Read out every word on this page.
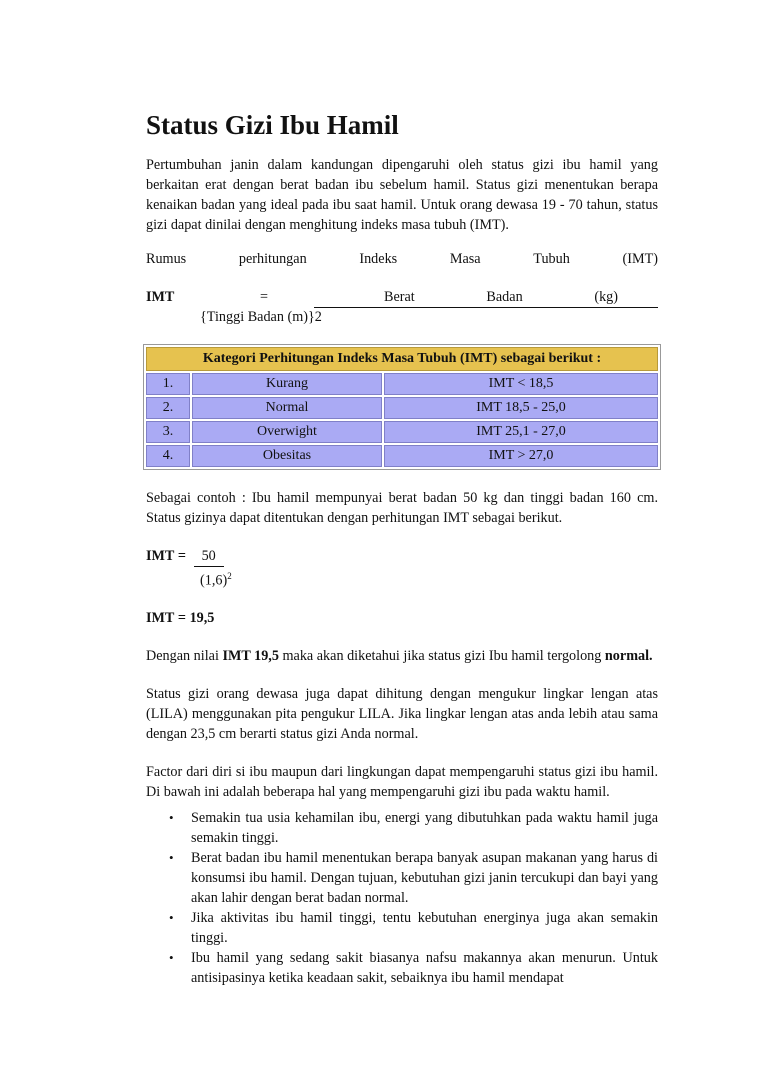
Status Gizi Ibu Hamil

Pertumbuhan janin dalam kandungan dipengaruhi oleh status gizi ibu hamil yang berkaitan erat dengan berat badan ibu sebelum hamil. Status gizi menentukan berapa kenaikan badan yang ideal pada ibu saat hamil. Untuk orang dewasa 19 - 70 tahun, status gizi dapat dinilai dengan menghitung indeks masa tubuh (IMT).

Rumus	perhitungan	Indeks	Masa	Tubuh	(IMT)
IMT	=	Berat	Badan	(kg)
{Tinggi Badan (m)}2
Kategori Perhitungan Indeks Masa Tubuh (IMT) sebagai berikut :		
1.	Kurang	IMT < 18,5
2.	Normal	IMT 18,5 - 25,0
3.	Overwight	IMT 25,1 - 27,0
4.	Obesitas	IMT > 27,0

Sebagai contoh : Ibu hamil mempunyai berat badan 50 kg dan tinggi badan 160 cm. Status gizinya dapat ditentukan dengan perhitungan IMT sebagai berikut.

IMT = 50
$(1,6)^2$
IMT = 19,5

Dengan nilai IMT 19,5 maka akan diketahui jika status gizi Ibu hamil tergolong normal.

Status gizi orang dewasa juga dapat dihitung dengan mengukur lingkar lengan atas (LILA) menggunakan pita pengukur LILA. Jika lingkar lengan atas anda lebih atau sama dengan 23,5 cm berarti status gizi Anda normal.

Factor dari diri si ibu maupun dari lingkungan dapat mempengaruhi status gizi ibu hamil. Di bawah ini adalah beberapa hal yang mempengaruhi gizi ibu pada waktu hamil.

• Semakin tua usia kehamilan ibu, energi yang dibutuhkan pada waktu hamil juga semakin tinggi.
• Berat badan ibu hamil menentukan berapa banyak asupan makanan yang harus di konsumsi ibu hamil. Dengan tujuan, kebutuhan gizi janin tercukupi dan bayi yang akan lahir dengan berat badan normal.
• Jika aktivitas ibu hamil tinggi, tentu kebutuhan energinya juga akan semakin tinggi.
• Ibu hamil yang sedang sakit biasanya nafsu makannya akan menurun. Untuk antisipasinya ketika keadaan sakit, sebaiknya ibu hamil mendapat
